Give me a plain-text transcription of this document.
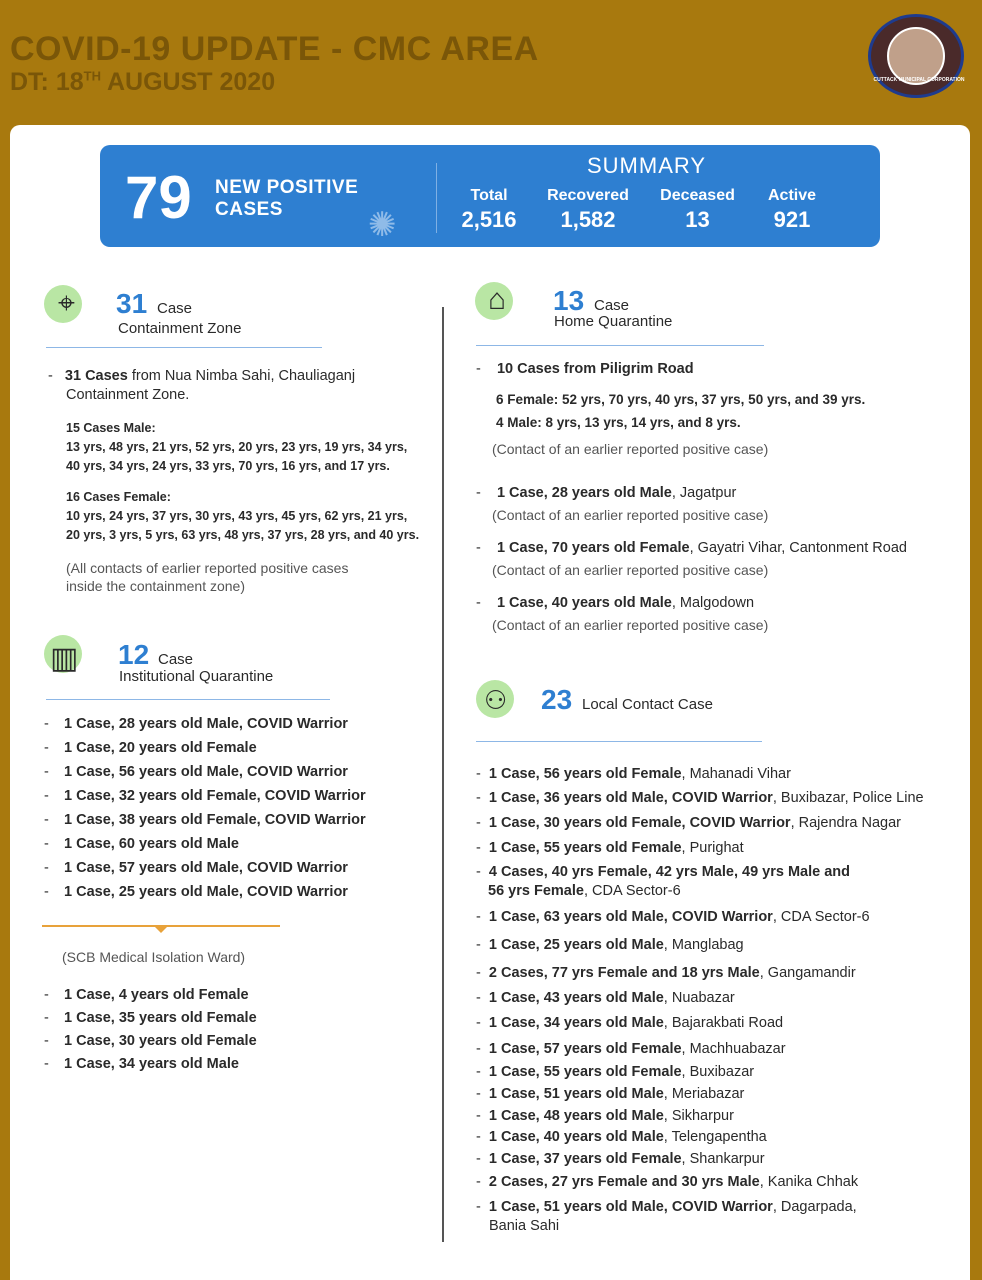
COVID-19 UPDATE - CMC AREA
DT: 18TH AUGUST 2020	CUTTACK MUNICIPAL CORPORATION
79 NEW POSITIVE
CASES	✺
SUMMARY
Total
2,516
Recovered
1,582
Deceased
13
Active
921
⌖ 31 Case
Containment Zone
-   31 Cases from Nua Nimba Sahi, Chauliaganj
Containment Zone.
15 Cases Male:
13 yrs, 48 yrs, 21 yrs, 52 yrs, 20 yrs, 23 yrs, 19 yrs, 34 yrs,
40 yrs, 34 yrs, 24 yrs, 33 yrs, 70 yrs, 16 yrs, and 17 yrs.
16 Cases Female:
10 yrs, 24 yrs, 37 yrs, 30 yrs, 43 yrs, 45 yrs, 62 yrs, 21 yrs,
20 yrs, 3 yrs, 5 yrs, 63 yrs, 48 yrs, 37 yrs, 28 yrs, and 40 yrs.
(All contacts of earlier reported positive cases
inside the containment zone)
▥ 12 Case
Institutional Quarantine
- 1 Case, 28 years old Male, COVID Warrior
- 1 Case, 20 years old Female
- 1 Case, 56 years old Male, COVID Warrior
- 1 Case, 32 years old Female, COVID Warrior
- 1 Case, 38 years old Female, COVID Warrior
- 1 Case, 60 years old Male
- 1 Case, 57 years old Male, COVID Warrior
- 1 Case, 25 years old Male, COVID Warrior
(SCB Medical Isolation Ward)
- 1 Case, 4 years old Female
- 1 Case, 35 years old Female
- 1 Case, 30 years old Female
- 1 Case, 34 years old Male
⌂ 13 Case
Home Quarantine
-    10 Cases from Piligrim Road
6 Female: 52 yrs, 70 yrs, 40 yrs, 37 yrs, 50 yrs, and 39 yrs.
4 Male: 8 yrs, 13 yrs, 14 yrs, and 8 yrs.
(Contact of an earlier reported positive case)
-    1 Case, 28 years old Male, Jagatpur
(Contact of an earlier reported positive case)
-    1 Case, 70 years old Female, Gayatri Vihar, Cantonment Road
(Contact of an earlier reported positive case)
-    1 Case, 40 years old Male, Malgodown
(Contact of an earlier reported positive case)
⚇ 23 Local Contact Case
-  1 Case, 56 years old Female, Mahanadi Vihar
-  1 Case, 36 years old Male, COVID Warrior, Buxibazar, Police Line
-  1 Case, 30 years old Female, COVID Warrior, Rajendra Nagar
-  1 Case, 55 years old Female, Purighat
-  4 Cases, 40 yrs Female, 42 yrs Male, 49 yrs Male and
56 yrs Female, CDA Sector-6
-  1 Case, 63 years old Male, COVID Warrior, CDA Sector-6
-  1 Case, 25 years old Male, Manglabag
-  2 Cases, 77 yrs Female and 18 yrs Male, Gangamandir
-  1 Case, 43 years old Male, Nuabazar
-  1 Case, 34 years old Male, Bajarakbati Road
-  1 Case, 57 years old Female, Machhuabazar
-  1 Case, 55 years old Female, Buxibazar
-  1 Case, 51 years old Male, Meriabazar
-  1 Case, 48 years old Male, Sikharpur
-  1 Case, 40 years old Male, Telengapentha
-  1 Case, 37 years old Female, Shankarpur
-  2 Cases, 27 yrs Female and 30 yrs Male, Kanika Chhak
-  1 Case, 51 years old Male, COVID Warrior, Dagarpada,
Bania Sahi
